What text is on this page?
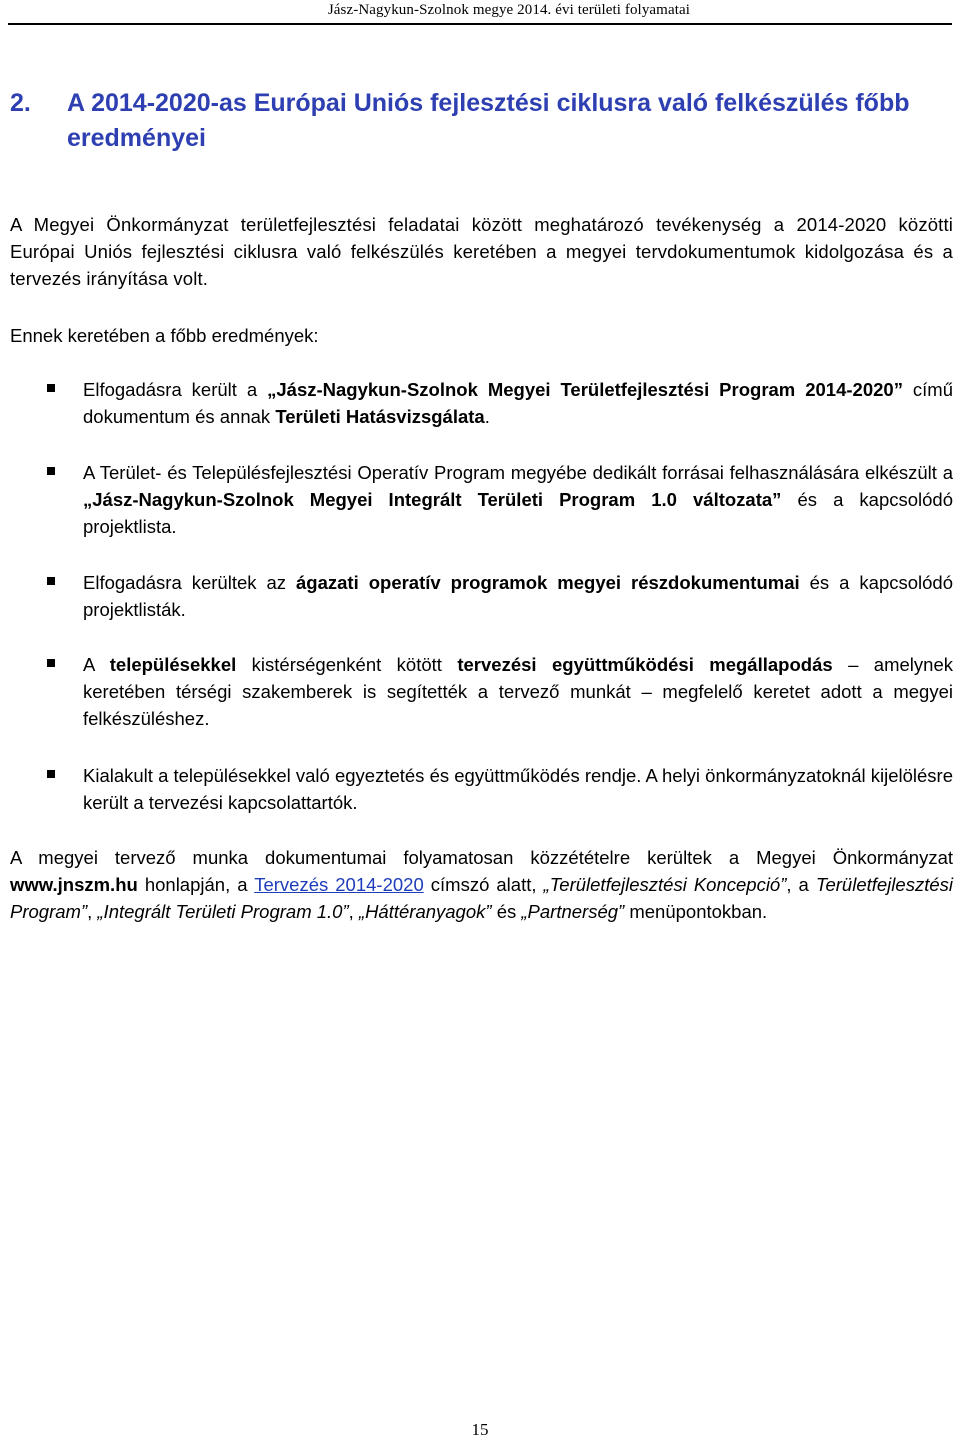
Jász-Nagykun-Szolnok megye 2014. évi területi folyamatai
2.	A 2014-2020-as Európai Uniós fejlesztési ciklusra való felkészülés főbb eredményei
A Megyei Önkormányzat területfejlesztési feladatai között meghatározó tevékenység a 2014-2020 közötti Európai Uniós fejlesztési ciklusra való felkészülés keretében a megyei tervdokumentumok kidolgozása és a tervezés irányítása volt.
Ennek keretében a főbb eredmények:
Elfogadásra került a „Jász-Nagykun-Szolnok Megyei Területfejlesztési Program 2014-2020” című dokumentum és annak Területi Hatásvizsgálata.
A Terület- és Településfejlesztési Operatív Program megyébe dedikált forrásai felhasználására elkészült a „Jász-Nagykun-Szolnok Megyei Integrált Területi Program 1.0 változata” és a kapcsolódó projektlista.
Elfogadásra kerültek az ágazati operatív programok megyei részdokumentumai és a kapcsolódó projektlisták.
A településekkel kistérségenként kötött tervezési együttműködési megállapodás – amelynek keretében térségi szakemberek is segítették a tervező munkát – megfelelő keretet adott a megyei felkészüléshez.
Kialakult a településekkel való egyeztetés és együttműködés rendje. A helyi önkormányzatoknál kijelölésre került a tervezési kapcsolattartók.
A megyei tervező munka dokumentumai folyamatosan közzétételre kerültek a Megyei Önkormányzat www.jnszm.hu honlapján, a Tervezés 2014-2020 címszó alatt, „Területfejlesztési Koncepció”, a Területfejlesztési Program”, „Integrált Területi Program 1.0”, „Háttéranyagok” és „Partnerség” menüpontokban.
15
